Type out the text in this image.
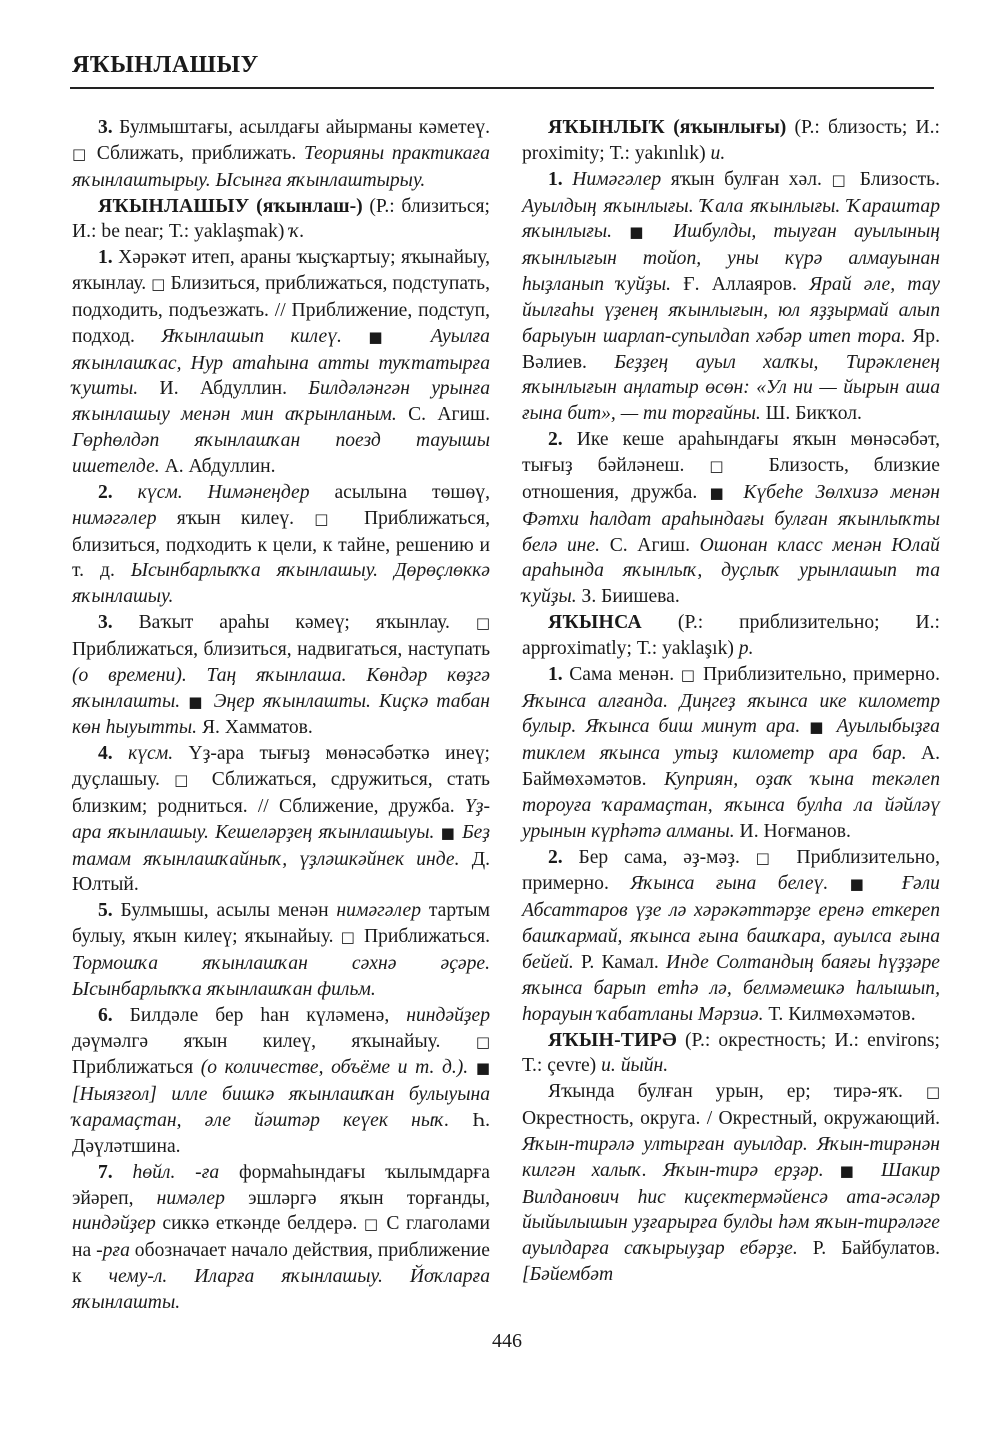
ЯҠЫНЛАШЫУ

3. Булмыштағы, асылдағы айырманы кәметеү. □ Сближать, приближать. Теорияны практикаға яҡынлаштырыу. Ысынға яҡынлаштырыу.

ЯҠЫНЛАШЫУ (яҡынлаш-) (Р.: близиться; И.: be near; Т.: yaklaşmak) ҡ.

1. Хәрәкәт итеп, араны ҡыҫҡартыу; яҡынайыу, яҡынлау. □ Близиться, приближаться, подступать, подходить, подъезжать. // Приближение, подступ, подход. Яҡынлашып килеү. ■ Ауылға яҡынлашҡас, Нур атаһына атты туҡтатырға ҡушты. И. Абдуллин. Билдәләнгән урынға яҡынлашыу менән мин аҡрынланым. С. Агиш. Гөрһөлдәп яҡынлашҡан поезд тауышы ишетелде. А. Абдуллин.

2. күсм. Нимәнеңдер асылына төшөү, нимәгәлер яҡын килеү. □ Приближаться, близиться, подходить к цели, к тайне, решению и т. д. Ысынбарлыҡҡа яҡынлашыу. Дөрөҫлөккә яҡынлашыу.

3. Ваҡыт араһы кәмеү; яҡынлау. □ Приближаться, близиться, надвигаться, наступать (о времени). Таң яҡынлаша. Көндәр көҙгә яҡынлашты. ■ Эңер яҡынлашты. Киҫкә табан көн һыуытты. Я. Хамматов.

4. күсм. Үҙ-ара тығыҙ мөнәсәбәткә инеү; дуҫлашыу. □ Сближаться, сдружиться, стать близким; родниться. // Сближение, дружба. Үҙ-ара яҡынлашыу. Кешеләрҙең яҡынлашыуы. ■ Беҙ тамам яҡынлашҡайныҡ, үҙләшкәйнек инде. Д. Юлтый.

5. Булмышы, асылы менән нимәгәлер тартым булыу, яҡын килеү; яҡынайыу. □ Приближаться. Тормошҡа яҡынлашҡан сәхнә әҫәре. Ысынбарлыҡҡа яҡынлашҡан фильм.

6. Билдәле бер һан күләменә, ниндәйҙер дәүмәлгә яҡын килеү, яҡынайыу. □ Приближаться (о количестве, объёме и т. д.). ■ [Ныязғол] илле бишкә яҡынлашҡан булыуына ҡарамаҫтан, әле йәштәр кеүек ныҡ. Һ. Дәүләтшина.

7. һөйл. -ға формаһындағы ҡылымдарға эйәреп, нимәлер эшләргә яҡын торғанды, ниндәйҙер сиккә еткәнде белдерә. □ С глаголами на -рға обозначает начало действия, приближение к чему-л. Иларға яҡынлашыу. Йоҡларға яҡынлашты.

ЯҠЫНЛЫҠ (яҡынлығы) (Р.: близость; И.: proximity; Т.: yakınlık) и.

1. Нимәгәлер яҡын булған хәл. □ Близость. Ауылдың яҡынлығы. Ҡала яҡынлығы. Ҡараштар яҡынлығы. ■ Ишбулды, тыуған ауылының яҡынлығын тойоп, уны күрә алмауынан һыҙланып ҡуйҙы. Ғ. Аллаяров. Ярай әле, тау йылғаһы үҙенең яҡынлығын, юл яҙҙырмай алып барыуын шарлап-супылдап хәбәр итеп тора. Яр. Вәлиев. Беҙҙең ауыл халҡы, Тирәкленең яҡынлығын аңлатыр өсөн: «Ул ни — йырын аша ғына бит», — ти торғайны. Ш. Бикҡол.

2. Ике кеше араһындағы яҡын мөнәсәбәт, тығыҙ бәйләнеш. □ Близость, близкие отношения, дружба. ■ Күбеһе Зөлхизә менән Фәтхи һалдат араһындағы булған яҡынлыҡты белә ине. С. Агиш. Ошонан класс менән Юлай араһында яҡынлыҡ, дуҫлыҡ урынлашып та ҡуйҙы. З. Биишева.

ЯҠЫНСА (Р.: приблизительно; И.: approximatly; Т.: yaklaşık) р.

1. Сама менән. □ Приблизительно, примерно. Яҡынса алғанда. Диңгеҙ яҡынса ике километр булыр. Яҡынса биш минут ара. ■ Ауылыбыҙға тиклем яҡынса утыҙ километр ара бар. А. Баймөхәмәтов. Куприян, оҙаҡ ҡына текәлеп тороуға ҡарамаҫтан, яҡынса булһа ла йәйләү урынын күрһәтә алманы. И. Ноғманов.

2. Бер сама, әҙ-мәҙ. □ Приблизительно, примерно. Яҡынса ғына белеү. ■ Ғәли Абсаттаров үҙе лә хәрәкәттәрҙе еренә еткереп башҡармай, яҡынса ғына башҡара, ауылса ғына бейей. Р. Камал. Инде Солтандың баяғы һүҙҙәре яҡынса барып етһә лә, белмәмешкә һалышып, һорауын ҡабатланы Мәрзиә. Т. Килмөхәмәтов.

ЯҠЫН-ТИРӘ (Р.: окрестность; И.: environs; Т.: çevre) и. йыйн.

Яҡында булған урын, ер; тирә-яҡ. □ Окрестность, округа. / Окрестный, окружающий. Яҡын-тирәлә ултырған ауылдар. Яҡын-тирәнән килгән халыҡ. Яҡын-тирә ерҙәр. ■ Шакир Вилданович һис киҫектермәйенсә ата-әсәләр йыйылышын уҙғарырға булды һәм яҡын-тирәләге ауылдарға саҡырыуҙар ебәрҙе. Р. Байбулатов. [Бәйембәт

446
